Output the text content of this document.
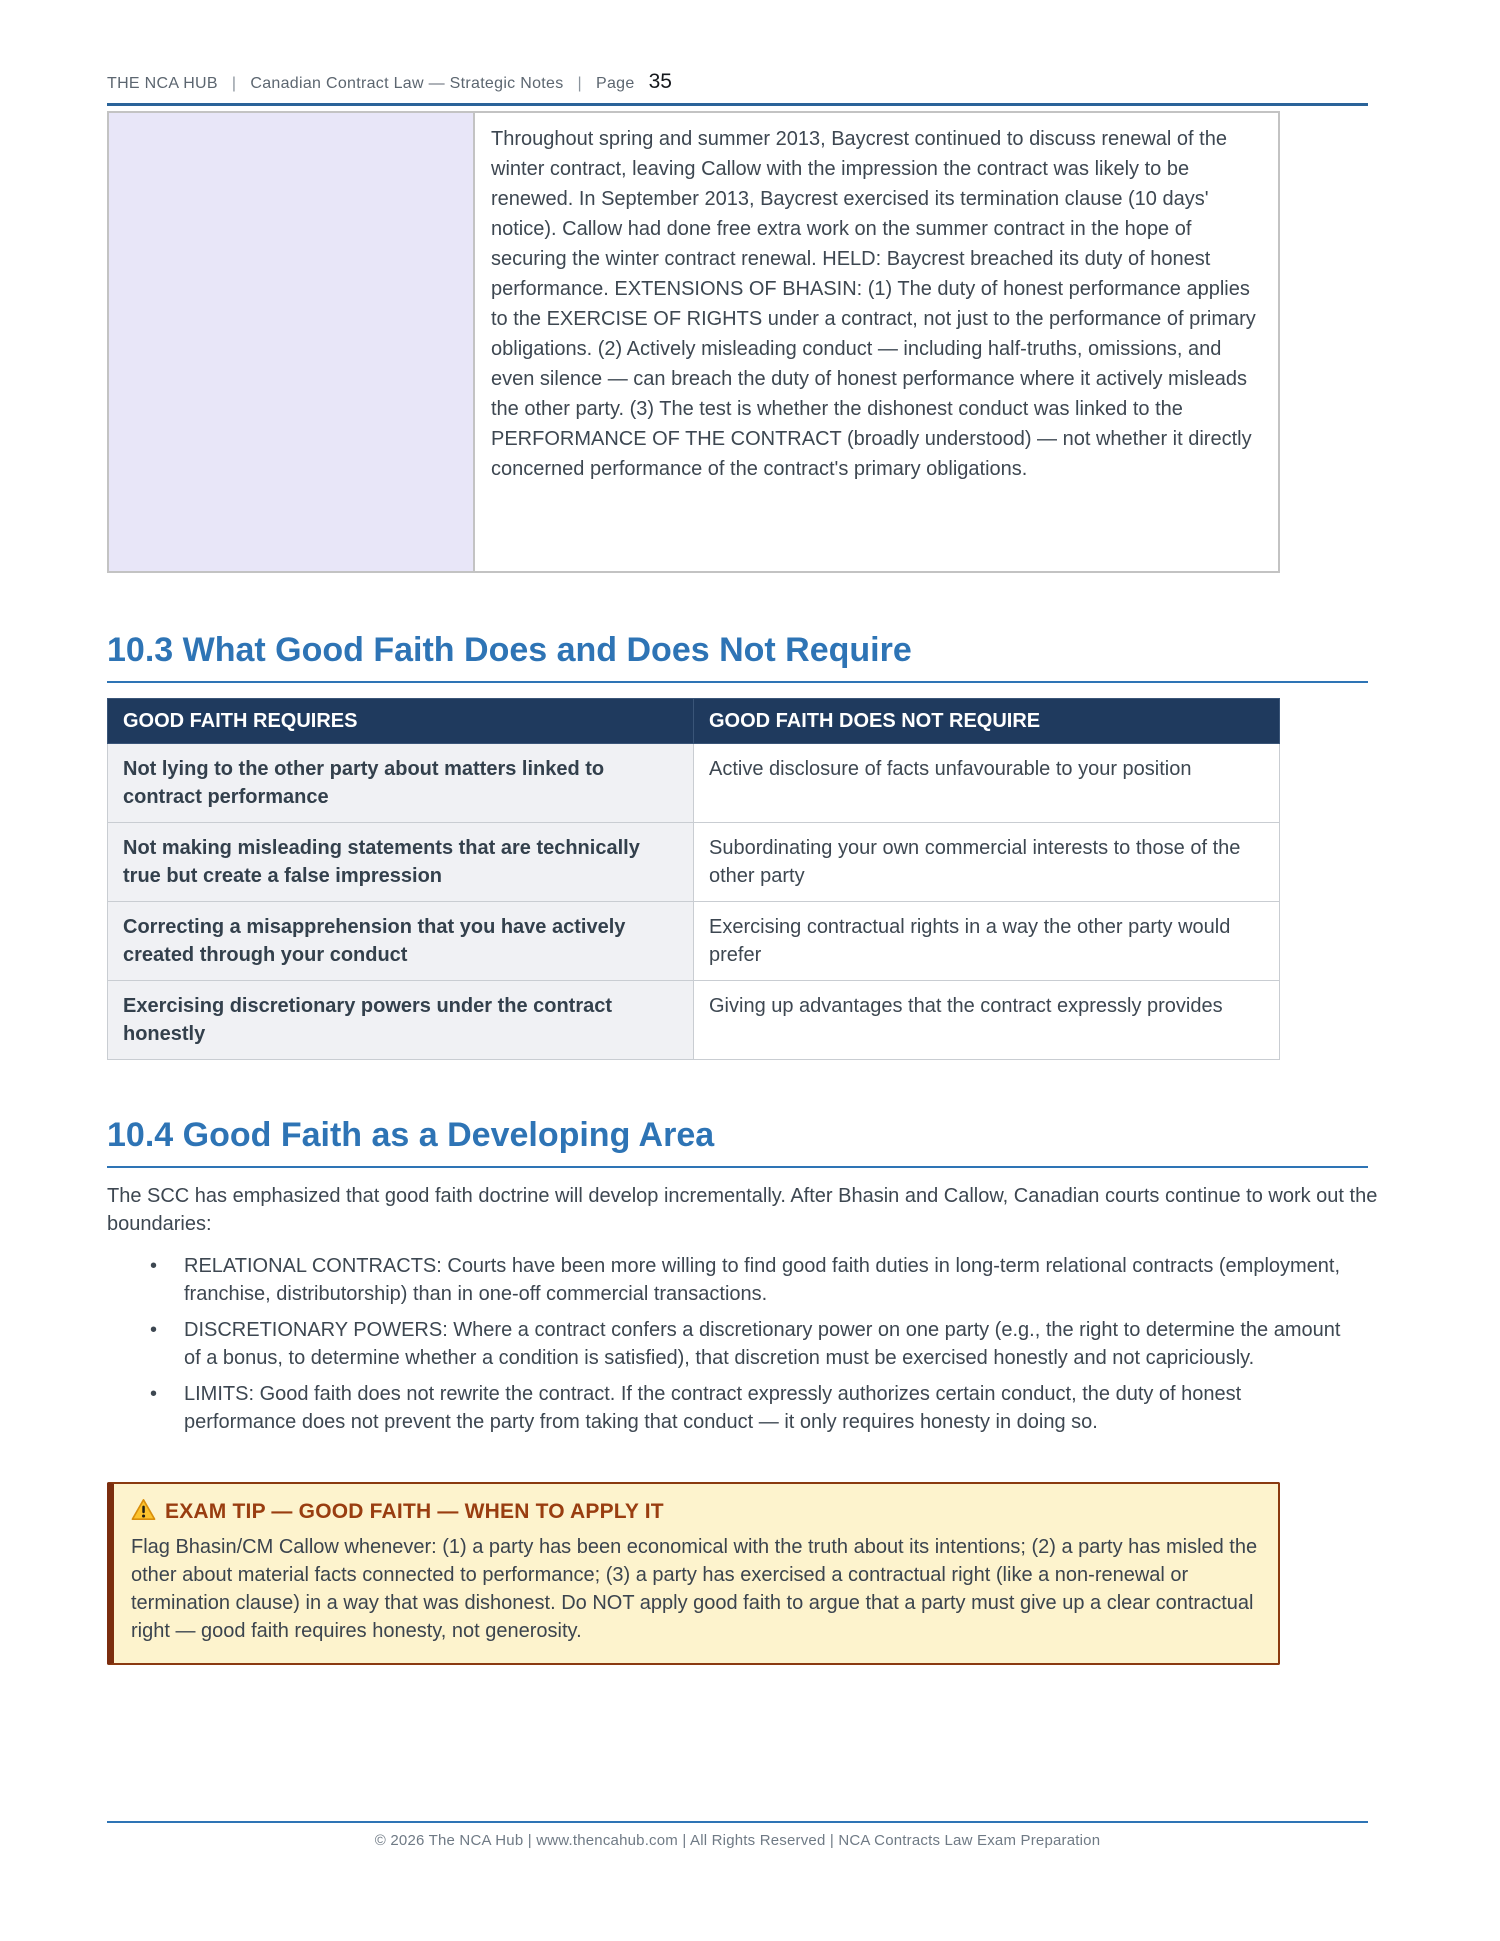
THE NCA HUB | Canadian Contract Law — Strategic Notes | Page 35
Throughout spring and summer 2013, Baycrest continued to discuss renewal of the winter contract, leaving Callow with the impression the contract was likely to be renewed. In September 2013, Baycrest exercised its termination clause (10 days' notice). Callow had done free extra work on the summer contract in the hope of securing the winter contract renewal. HELD: Baycrest breached its duty of honest performance. EXTENSIONS OF BHASIN: (1) The duty of honest performance applies to the EXERCISE OF RIGHTS under a contract, not just to the performance of primary obligations. (2) Actively misleading conduct — including half-truths, omissions, and even silence — can breach the duty of honest performance where it actively misleads the other party. (3) The test is whether the dishonest conduct was linked to the PERFORMANCE OF THE CONTRACT (broadly understood) — not whether it directly concerned performance of the contract's primary obligations.
10.3 What Good Faith Does and Does Not Require
GOOD FAITH REQUIRES	GOOD FAITH DOES NOT REQUIRE
Not lying to the other party about matters linked to contract performance	Active disclosure of facts unfavourable to your position
Not making misleading statements that are technically true but create a false impression	Subordinating your own commercial interests to those of the other party
Correcting a misapprehension that you have actively created through your conduct	Exercising contractual rights in a way the other party would prefer
Exercising discretionary powers under the contract honestly	Giving up advantages that the contract expressly provides
10.4 Good Faith as a Developing Area

The SCC has emphasized that good faith doctrine will develop incrementally. After Bhasin and Callow, Canadian courts continue to work out the boundaries:

•	RELATIONAL CONTRACTS: Courts have been more willing to find good faith duties in long-term relational contracts (employment, franchise, distributorship) than in one-off commercial transactions.
•	DISCRETIONARY POWERS: Where a contract confers a discretionary power on one party (e.g., the right to determine the amount of a bonus, to determine whether a condition is satisfied), that discretion must be exercised honestly and not capriciously.
•	LIMITS: Good faith does not rewrite the contract. If the contract expressly authorizes certain conduct, the duty of honest performance does not prevent the party from taking that conduct — it only requires honesty in doing so.
EXAM TIP — GOOD FAITH — WHEN TO APPLY IT
Flag Bhasin/CM Callow whenever: (1) a party has been economical with the truth about its intentions; (2) a party has misled the other about material facts connected to performance; (3) a party has exercised a contractual right (like a non-renewal or termination clause) in a way that was dishonest. Do NOT apply good faith to argue that a party must give up a clear contractual right — good faith requires honesty, not generosity.
© 2026 The NCA Hub | www.thencahub.com | All Rights Reserved | NCA Contracts Law Exam Preparation
